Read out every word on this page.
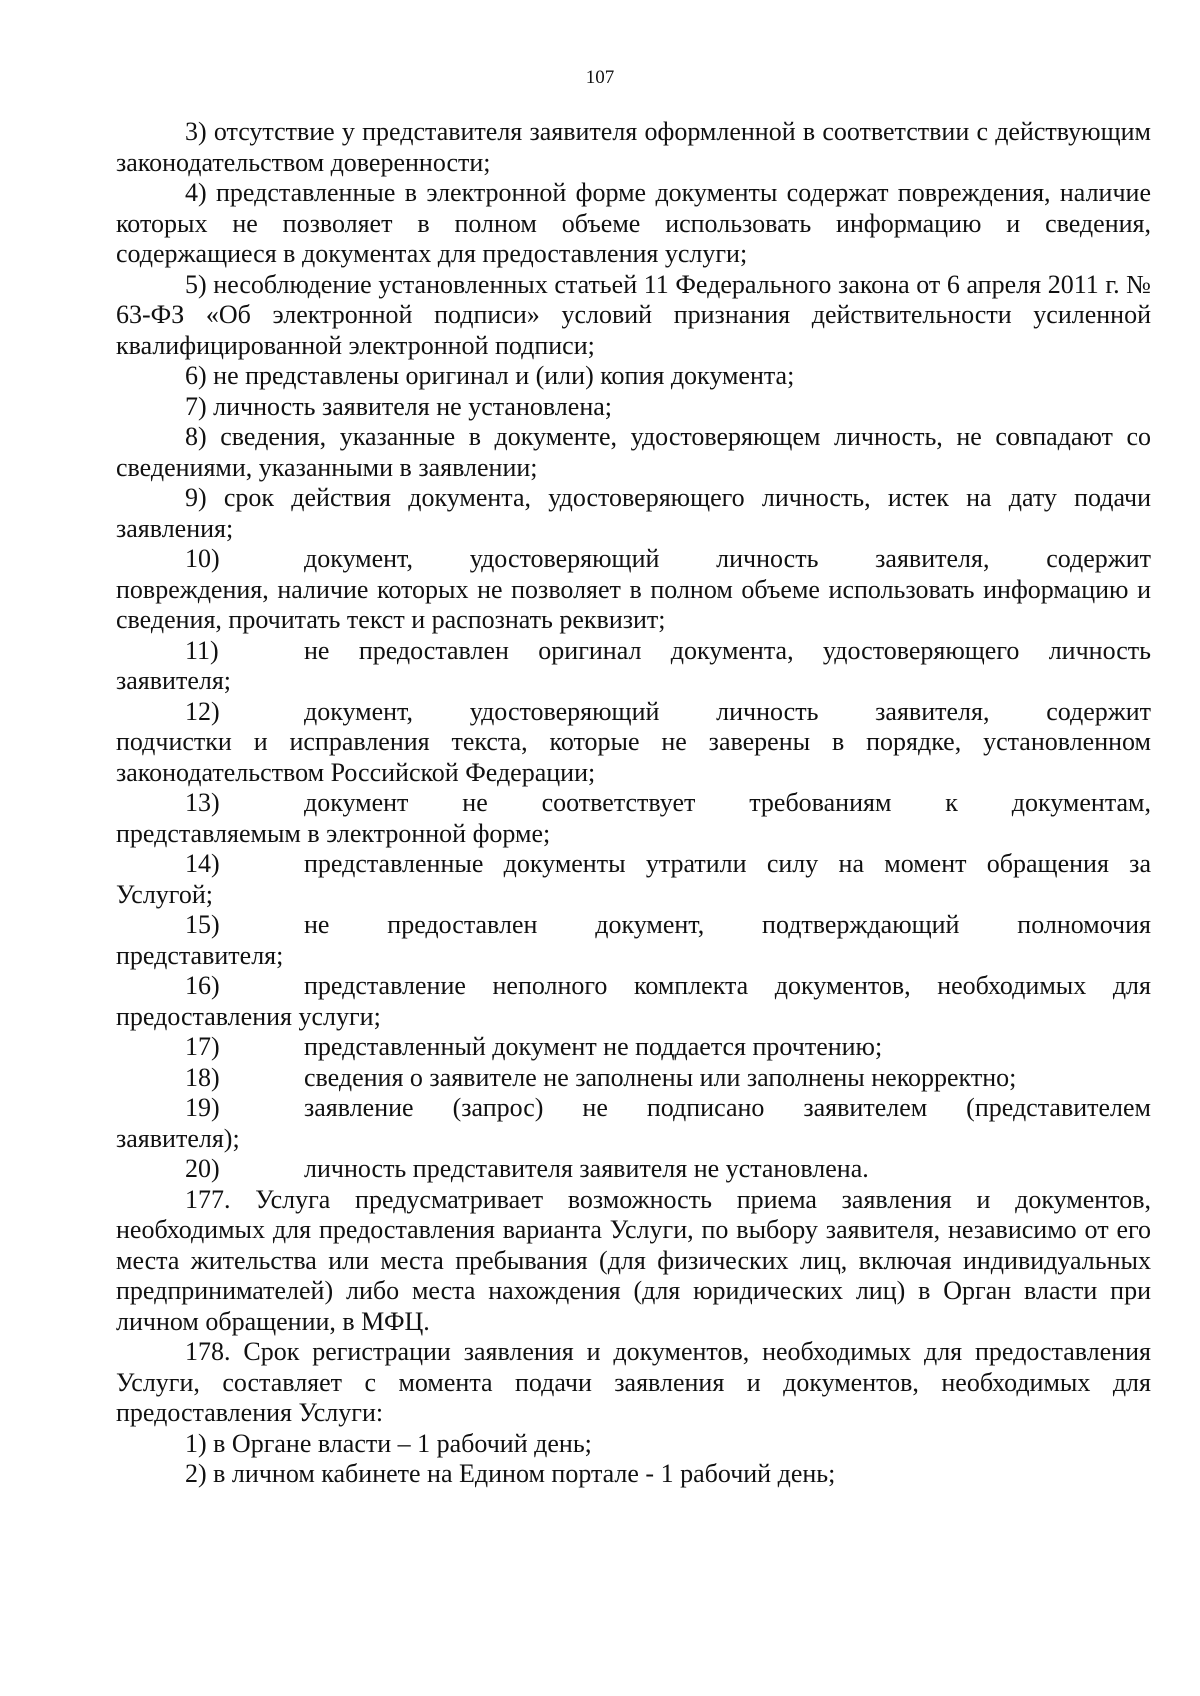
107

3) отсутствие у представителя заявителя оформленной в соответствии с действующим законодательством доверенности;

4) представленные в электронной форме документы содержат повреждения, наличие которых не позволяет в полном объеме использовать информацию и сведения, содержащиеся в документах для предоставления услуги;

5) несоблюдение установленных статьей 11 Федерального закона от 6 апреля 2011 г. № 63-ФЗ «Об электронной подписи» условий признания действительности усиленной квалифицированной электронной подписи;

6) не представлены оригинал и (или) копия документа;

7) личность заявителя не установлена;

8) сведения, указанные в документе, удостоверяющем личность, не совпадают со сведениями, указанными в заявлении;

9) срок действия документа, удостоверяющего личность, истек на дату подачи заявления;

10)	документ, удостоверяющий личность заявителя, содержит
повреждения, наличие которых не позволяет в полном объеме использовать информацию и сведения, прочитать текст и распознать реквизит;
11)	не предоставлен оригинал документа, удостоверяющего личность
заявителя;
12)	документ, удостоверяющий личность заявителя, содержит
подчистки и исправления текста, которые не заверены в порядке, установленном законодательством Российской Федерации;
13)	документ не соответствует требованиям к документам,
представляемым в электронной форме;
14)	представленные документы утратили силу на момент обращения за
Услугой;
15)	не предоставлен документ, подтверждающий полномочия
представителя;
16)	представление неполного комплекта документов, необходимых для
предоставления услуги;
17)	представленный документ не поддается прочтению;
18)	сведения о заявителе не заполнены или заполнены некорректно;
19)	заявление (запрос) не подписано заявителем (представителем
заявителя);
20)	личность представителя заявителя не установлена.

177. Услуга предусматривает возможность приема заявления и документов, необходимых для предоставления варианта Услуги, по выбору заявителя, независимо от его места жительства или места пребывания (для физических лиц, включая индивидуальных предпринимателей) либо места нахождения (для юридических лиц) в Орган власти при личном обращении, в МФЦ.

178. Срок регистрации заявления и документов, необходимых для предоставления Услуги, составляет с момента подачи заявления и документов, необходимых для предоставления Услуги:

1) в Органе власти – 1 рабочий день;

2) в личном кабинете на Едином портале - 1 рабочий день;
